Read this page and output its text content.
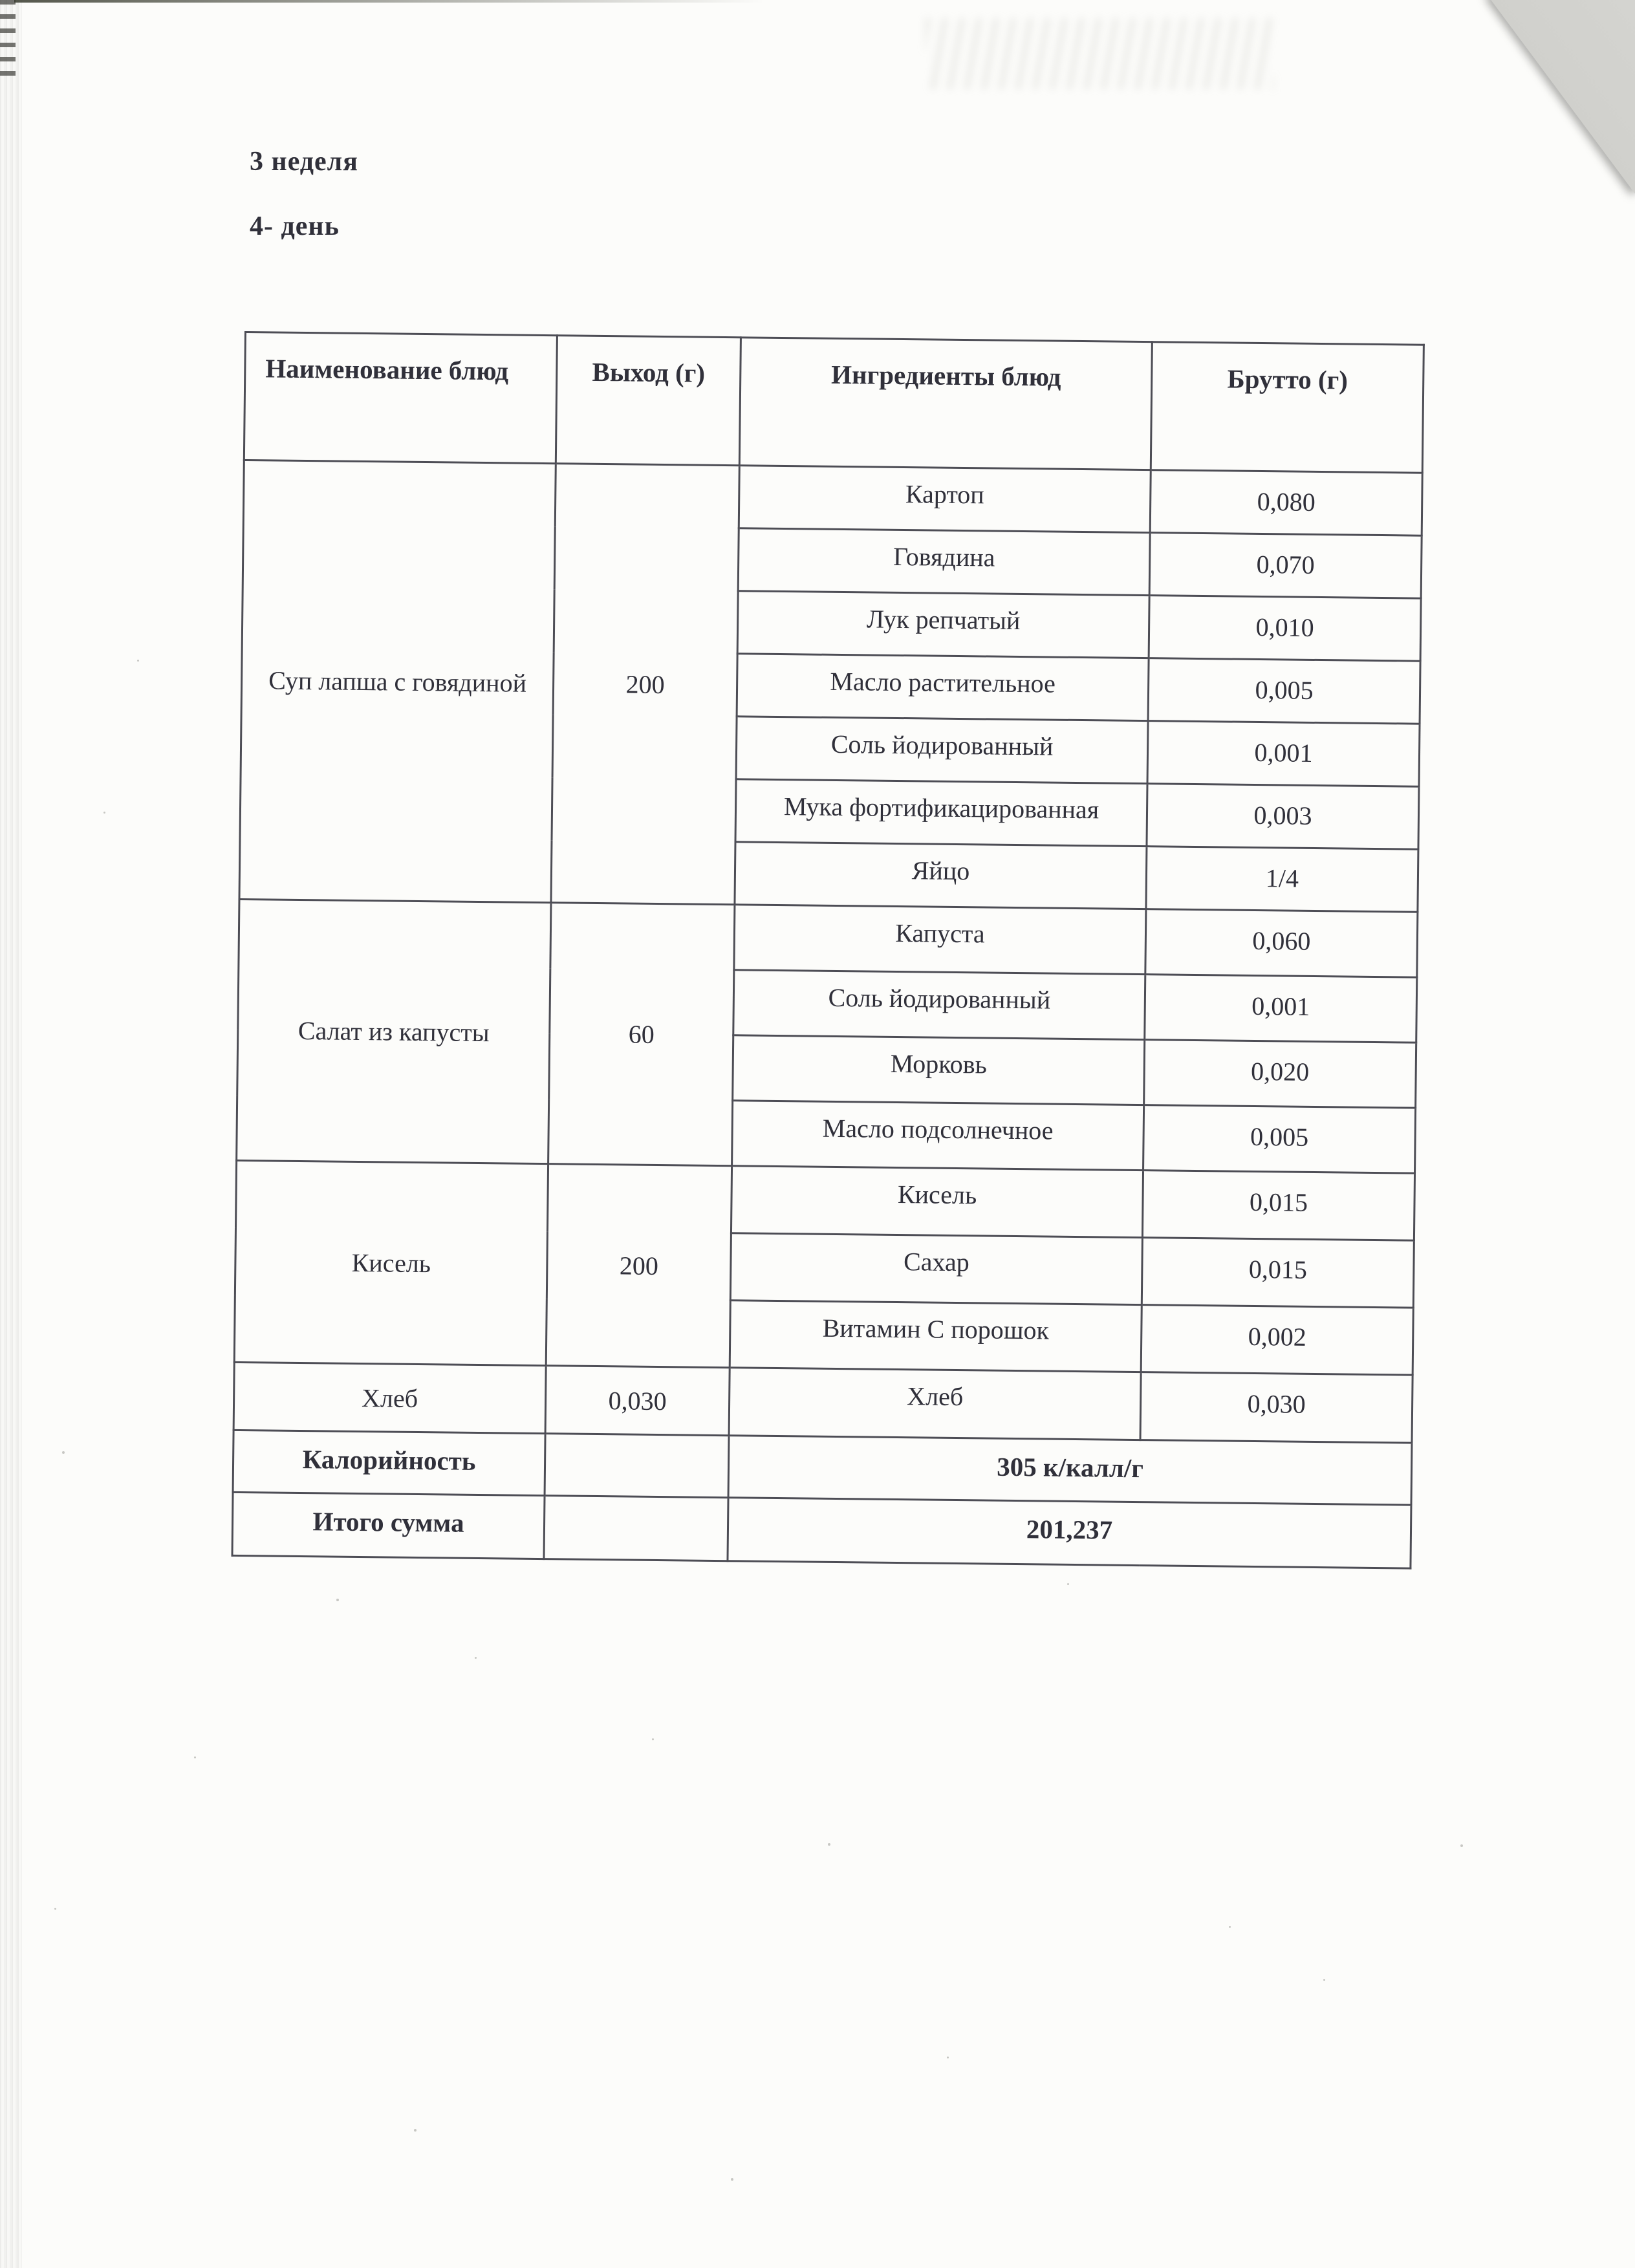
3 неделя
4- день
Наименование блюд	Выход (г)	Ингредиенты блюд	Брутто (г)
Суп лапша с говядиной	200	Картоп	0,080
		Говядина	0,070
		Лук репчатый	0,010
		Масло растительное	0,005
		Соль йодированный	0,001
		Мука фортификацированная	0,003
		Яйцо	1/4
Салат из капусты	60	Капуста	0,060
		Соль йодированный	0,001
		Морковь	0,020
		Масло подсолнечное	0,005
Кисель	200	Кисель	0,015
		Сахар	0,015
		Витамин С порошок	0,002
Хлеб	0,030	Хлеб	0,030
Калорийность		305 к/калл/г	
Итого сумма		201,237	
